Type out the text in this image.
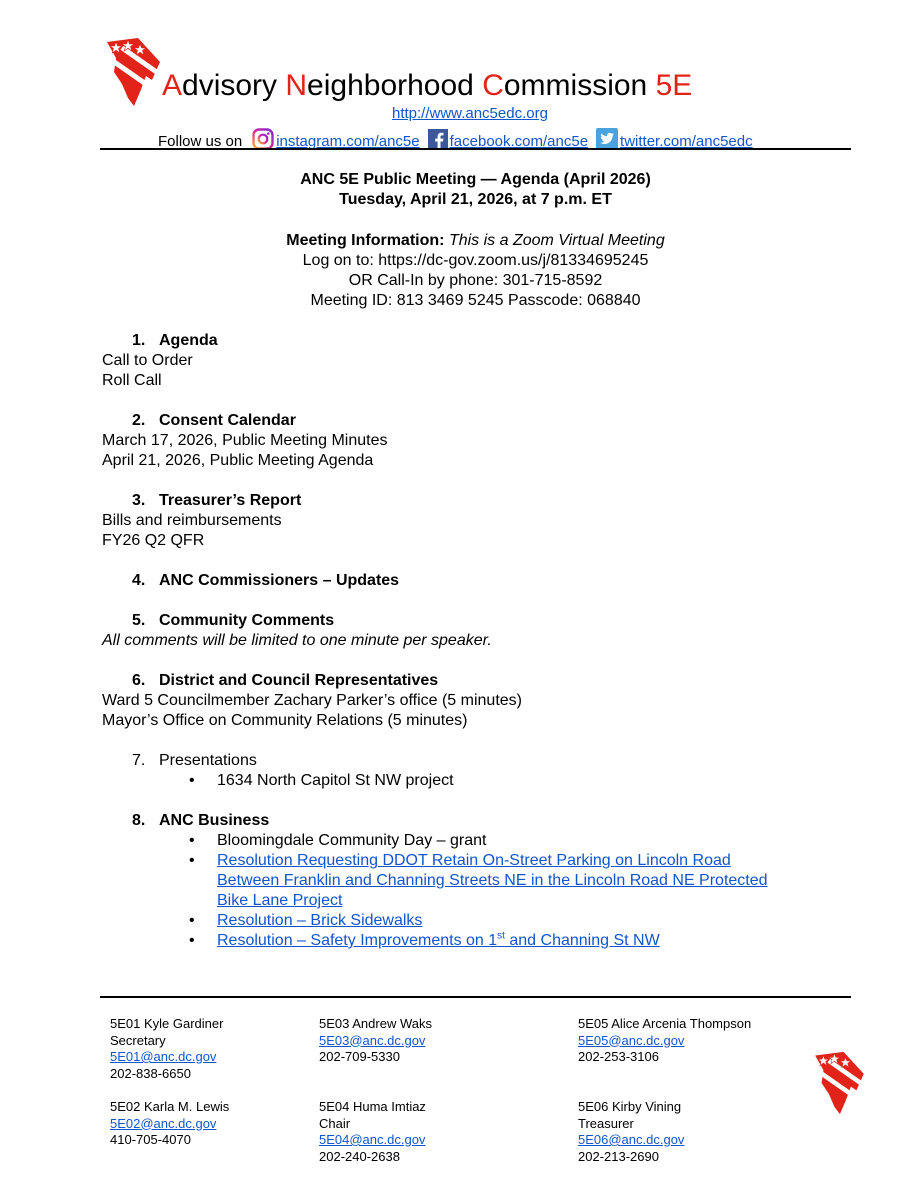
Advisory Neighborhood Commission 5E
http://www.anc5edc.org
Follow us on instagram.com/anc5e facebook.com/anc5e twitter.com/anc5edc
ANC 5E Public Meeting — Agenda (April 2026)
Tuesday, April 21, 2026, at 7 p.m. ET
Meeting Information: This is a Zoom Virtual Meeting
Log on to: https://dc-gov.zoom.us/j/81334695245
OR Call-In by phone: 301-715-8592
Meeting ID: 813 3469 5245 Passcode: 068840
1. Agenda
Call to Order
Roll Call
2. Consent Calendar
March 17, 2026, Public Meeting Minutes
April 21, 2026, Public Meeting Agenda
3. Treasurer’s Report
Bills and reimbursements
FY26 Q2 QFR
4. ANC Commissioners – Updates
5. Community Comments
All comments will be limited to one minute per speaker.
6. District and Council Representatives
Ward 5 Councilmember Zachary Parker’s office (5 minutes)
Mayor’s Office on Community Relations (5 minutes)
7. Presentations
• 1634 North Capitol St NW project
8. ANC Business
• Bloomingdale Community Day – grant
• Resolution Requesting DDOT Retain On-Street Parking on Lincoln Road Between Franklin and Channing Streets NE in the Lincoln Road NE Protected Bike Lane Project
• Resolution – Brick Sidewalks
• Resolution – Safety Improvements on 1st and Channing St NW
5E01 Kyle Gardiner
Secretary
5E01@anc.dc.gov
202-838-6650
5E02 Karla M. Lewis
5E02@anc.dc.gov
410-705-4070
5E03 Andrew Waks
5E03@anc.dc.gov
202-709-5330
5E04 Huma Imtiaz
Chair
5E04@anc.dc.gov
202-240-2638
5E05 Alice Arcenia Thompson
5E05@anc.dc.gov
202-253-3106
5E06 Kirby Vining
Treasurer
5E06@anc.dc.gov
202-213-2690
